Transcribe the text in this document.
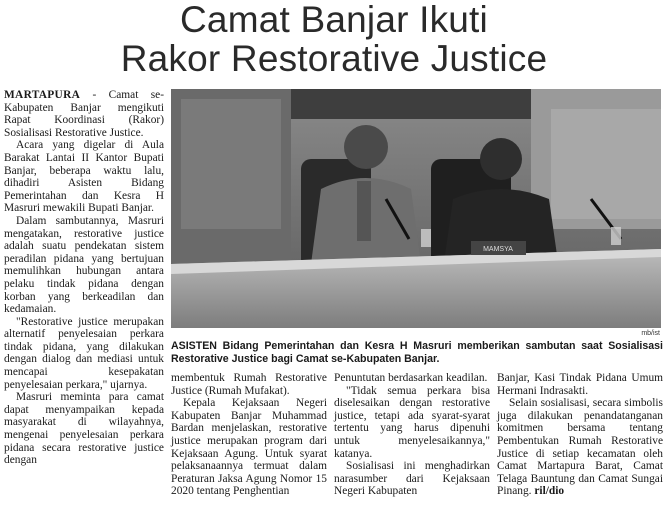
Camat Banjar Ikuti
Rakor Restorative Justice

MARTAPURA - Camat se-Kabupaten Banjar mengikuti Rapat Koordinasi (Rakor) Sosialisasi Restorative Justice.

Acara yang digelar di Aula Barakat Lantai II Kantor Bupati Banjar, beberapa waktu lalu, dihadiri Asisten Bidang Pemerintahan dan Kesra H Masruri mewakili Bupati Banjar.

Dalam sambutannya, Masruri mengatakan, restorative justice adalah suatu pendekatan sistem peradilan pidana yang bertujuan memulihkan hubungan antara pelaku tindak pidana dengan korban yang berkeadilan dan kedamaian.

"Restorative justice merupakan alternatif penyelesaian perkara tindak pidana, yang dilakukan dengan dialog dan mediasi untuk mencapai kesepakatan penyelesaian perkara," ujarnya.

Masruri meminta para camat dapat menyampaikan kepada masyarakat di wilayahnya, mengenai penyelesaian perkara pidana secara restorative justice dengan

MAMSYA
mb/ist
ASISTEN Bidang Pemerintahan dan Kesra H Masruri memberikan sambutan saat Sosialisasi Restorative Justice bagi Camat se-Kabupaten Banjar.

membentuk Rumah Restorative Justice (Rumah Mufakat).

Kepala Kejaksaan Negeri Kabupaten Banjar Muhammad Bardan menjelaskan, restorative justice merupakan program dari Kejaksaan Agung. Untuk syarat pelaksanaannya termuat dalam Peraturan Jaksa Agung Nomor 15 2020 tentang Penghentian

Penuntutan berdasarkan keadilan.

"Tidak semua perkara bisa diselesaikan dengan restorative justice, tetapi ada syarat-syarat tertentu yang harus dipenuhi untuk menyelesaikannya," katanya.

Sosialisasi ini menghadirkan narasumber dari Kejaksaan Negeri Kabupaten

Banjar, Kasi Tindak Pidana Umum Hermani Indrasakti.

Selain sosialisasi, secara simbolis juga dilakukan penandatanganan komitmen bersama tentang Pembentukan Rumah Restorative Justice di setiap kecamatan oleh Camat Martapura Barat, Camat Telaga Bauntung dan Camat Sungai Pinang. ril/dio
